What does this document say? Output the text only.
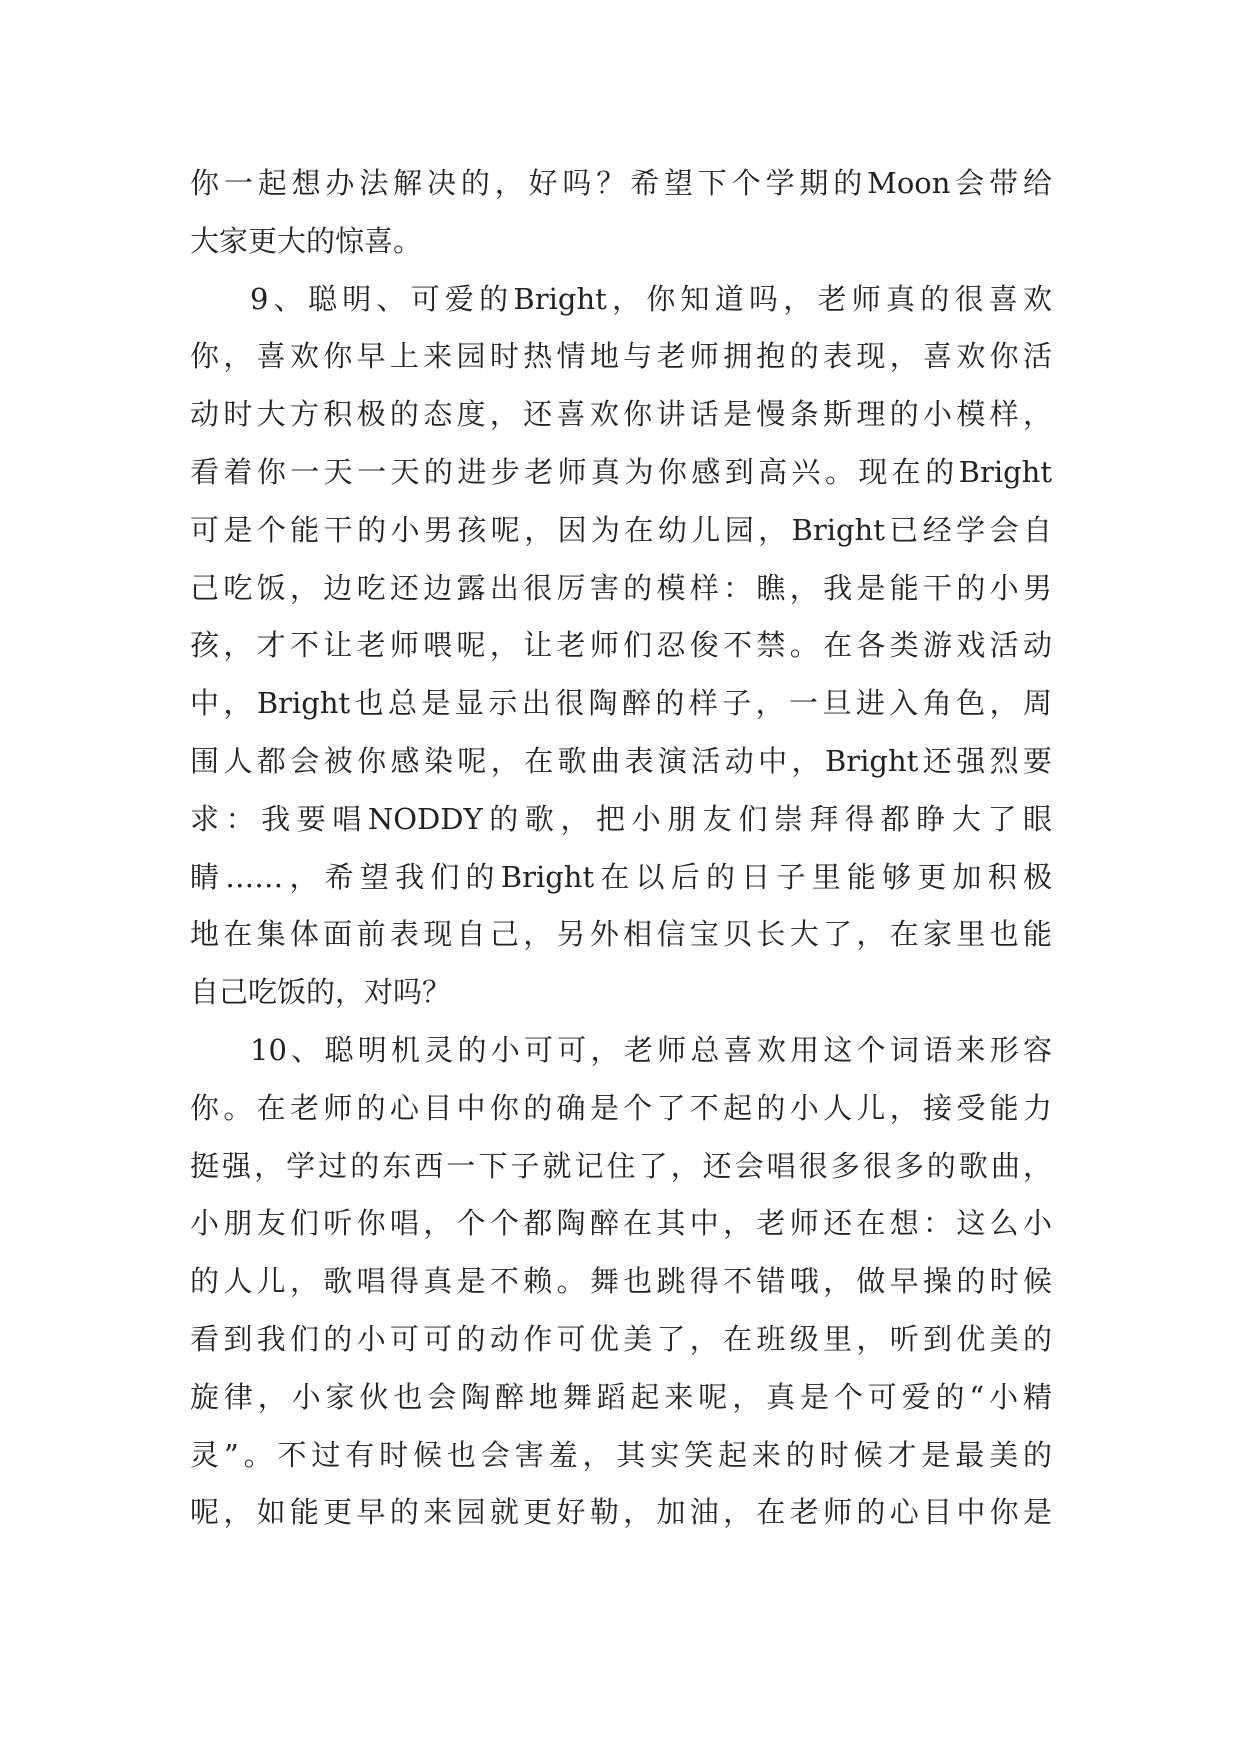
你一起想办法解决的，好吗？希望下个学期的Moon会带给
大家更大的惊喜。
9、聪明、可爱的Bright，你知道吗，老师真的很喜欢
你，喜欢你早上来园时热情地与老师拥抱的表现，喜欢你活
动时大方积极的态度，还喜欢你讲话是慢条斯理的小模样，
看着你一天一天的进步老师真为你感到高兴。现在的Bright
可是个能干的小男孩呢，因为在幼儿园，Bright已经学会自
己吃饭，边吃还边露出很厉害的模样：瞧，我是能干的小男
孩，才不让老师喂呢，让老师们忍俊不禁。在各类游戏活动
中，Bright也总是显示出很陶醉的样子，一旦进入角色，周
围人都会被你感染呢，在歌曲表演活动中，Bright还强烈要
求：我要唱NODDY的歌，把小朋友们崇拜得都睁大了眼
睛……，希望我们的Bright在以后的日子里能够更加积极
地在集体面前表现自己，另外相信宝贝长大了，在家里也能
自己吃饭的，对吗？
10、聪明机灵的小可可，老师总喜欢用这个词语来形容
你。在老师的心目中你的确是个了不起的小人儿，接受能力
挺强，学过的东西一下子就记住了，还会唱很多很多的歌曲，
小朋友们听你唱，个个都陶醉在其中，老师还在想：这么小
的人儿，歌唱得真是不赖。舞也跳得不错哦，做早操的时候
看到我们的小可可的动作可优美了，在班级里，听到优美的
旋律，小家伙也会陶醉地舞蹈起来呢，真是个可爱的“小精
灵”。不过有时候也会害羞，其实笑起来的时候才是最美的
呢，如能更早的来园就更好勒，加油，在老师的心目中你是
